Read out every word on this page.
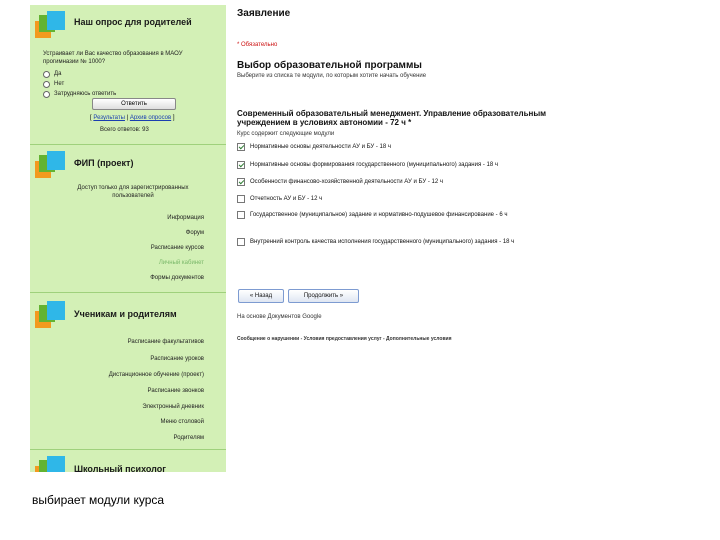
Наш опрос для родителей
Устраивает ли Вас качество образования в МАОУ прогимназии № 1000?
Да
Нет
Затрудняюсь ответить
Ответить
[ Результаты | Архив опросов ]
Всего ответов: 93
ФИП (проект)
Доступ только для зарегистрированных пользователей
Информация
Форум
Расписание курсов
Личный кабинет
Формы документов
Ученикам и родителям
Расписание факультативов
Расписание уроков
Дистанционное обучение (проект)
Расписание звонков
Электронный дневник
Меню столовой
Родителям
Школьный психолог
Заявление
* Обязательно
Выбор образовательной программы
Выберите из списка те модули, по которым хотите начать обучение
Современный образовательный менеджмент. Управление образовательным учреждением в условиях автономии - 72 ч *
Курс содержит следующие модули
Нормативные основы деятельности АУ и БУ - 18 ч
Нормативные основы формирования государственного (муниципального) задания - 18 ч
Особенности финансово-хозяйственной деятельности АУ и БУ - 12 ч
Отчетность АУ и БУ - 12 ч
Государственное (муниципальное) задание и нормативно-подушевое финансирование - 6 ч
Внутренний контроль качества исполнения государственного (муниципального) задания - 18 ч
« Назад	Продолжить »
На основе Документов Google
Сообщение о нарушении - Условия предоставления услуг - Дополнительные условия
выбирает модули курса
